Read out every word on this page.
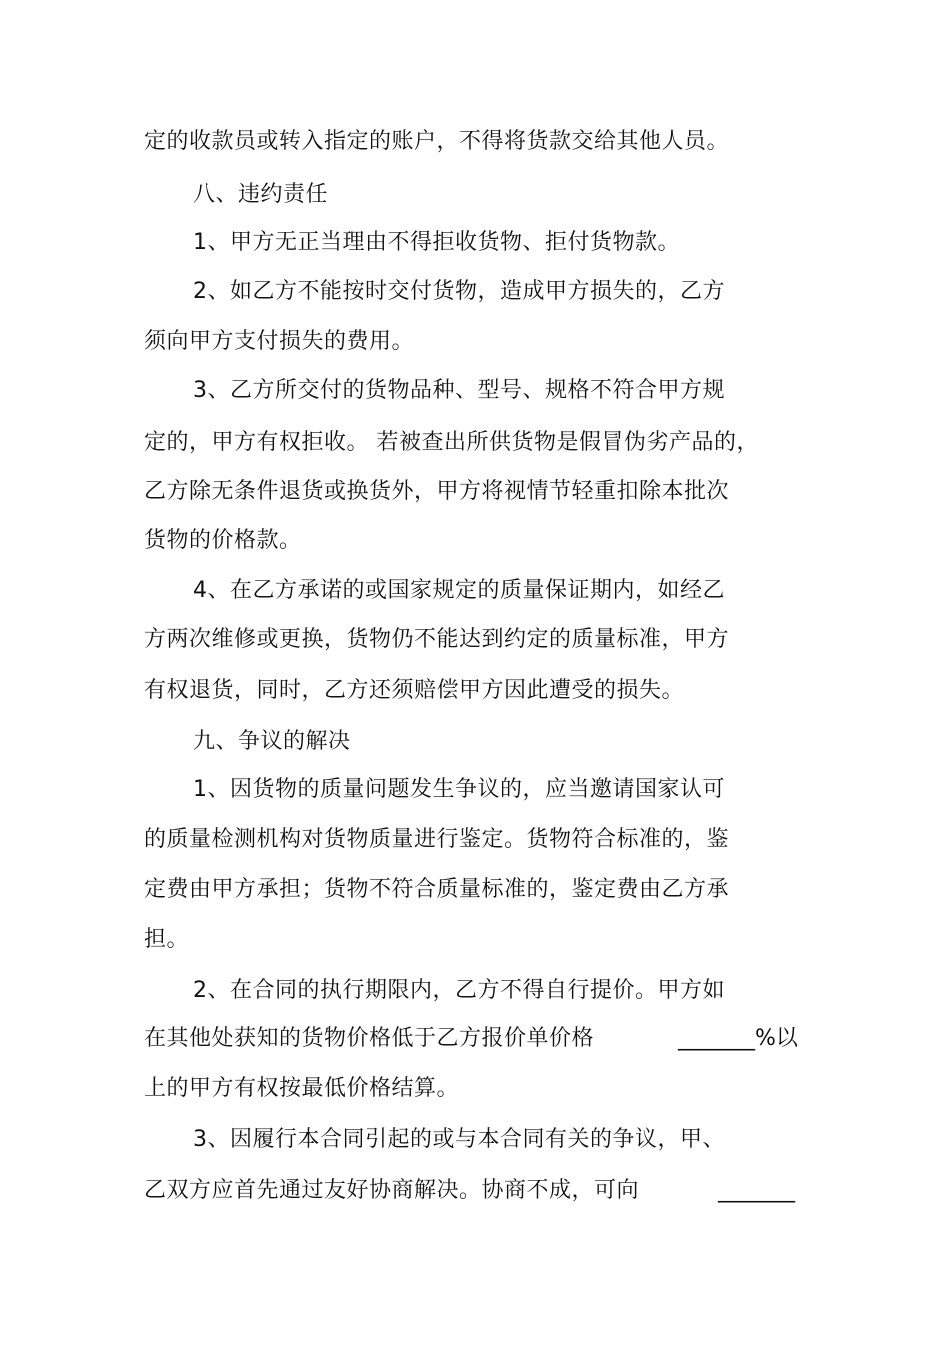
定的收款员或转入指定的账户，不得将货款交给其他人员。

八、违约责任

1、甲方无正当理由不得拒收货物、拒付货物款。

2、如乙方不能按时交付货物，造成甲方损失的，乙方

须向甲方支付损失的费用。

3、乙方所交付的货物品种、型号、规格不符合甲方规

定的，甲方有权拒收。 若被查出所供货物是假冒伪劣产品的，

乙方除无条件退货或换货外，甲方将视情节轻重扣除本批次

货物的价格款。

4、在乙方承诺的或国家规定的质量保证期内，如经乙

方两次维修或更换，货物仍不能达到约定的质量标准，甲方

有权退货，同时，乙方还须赔偿甲方因此遭受的损失。

九、争议的解决

1、因货物的质量问题发生争议的，应当邀请国家认可

的质量检测机构对货物质量进行鉴定。货物符合标准的，鉴

定费由甲方承担；货物不符合质量标准的，鉴定费由乙方承

担。

2、在合同的执行期限内，乙方不得自行提价。甲方如

在其他处获知的货物价格低于乙方报价单价格	_______%以

上的甲方有权按最低价格结算。

3、因履行本合同引起的或与本合同有关的争议，甲、

乙双方应首先通过友好协商解决。协商不成，可向	_______
